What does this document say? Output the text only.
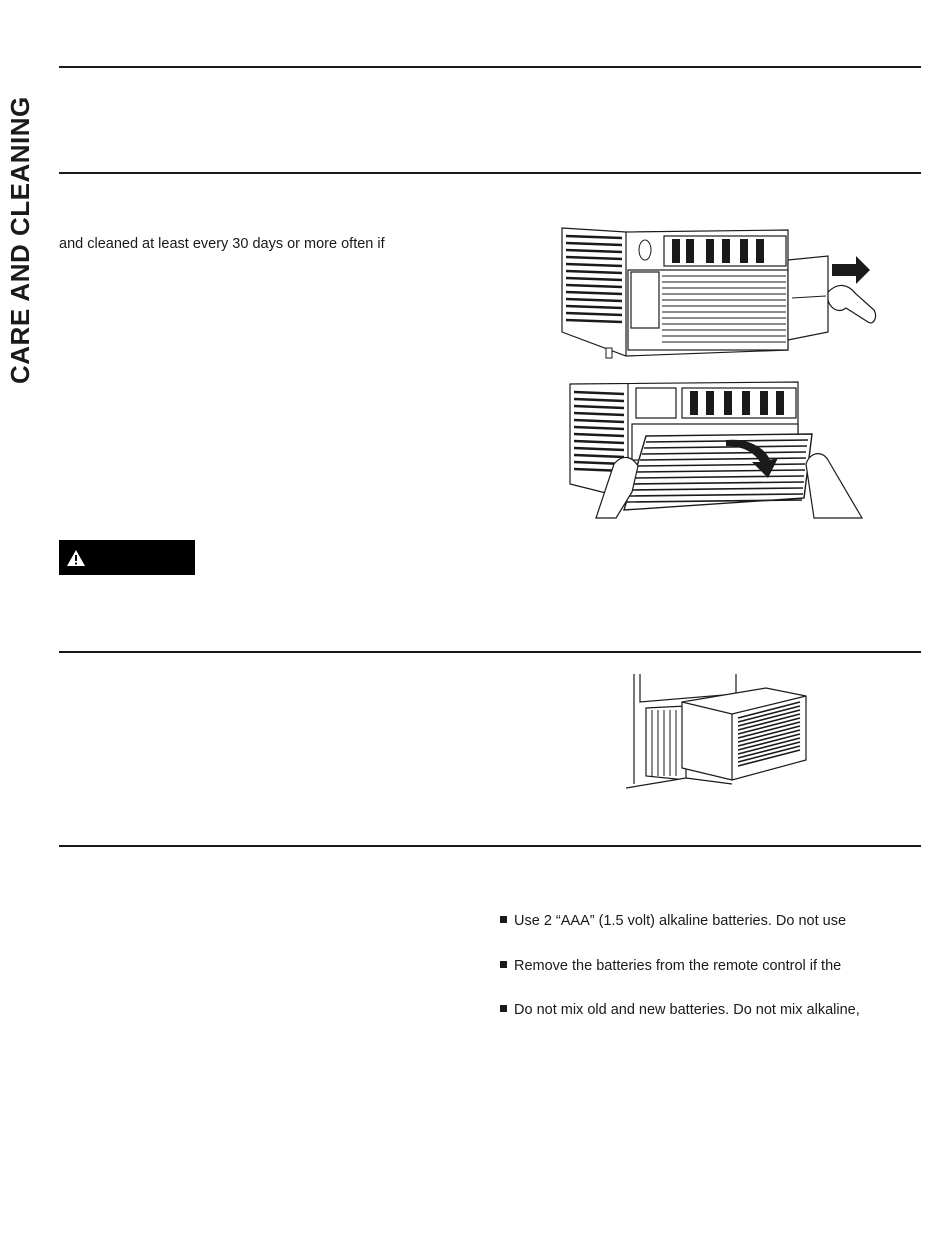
CARE AND CLEANING and cleaned at least every 30 days or more often if
Use 2 “AAA” (1.5 volt) alkaline batteries. Do not use
Remove the batteries from the remote control if the
Do not mix old and new batteries. Do not mix alkaline,
